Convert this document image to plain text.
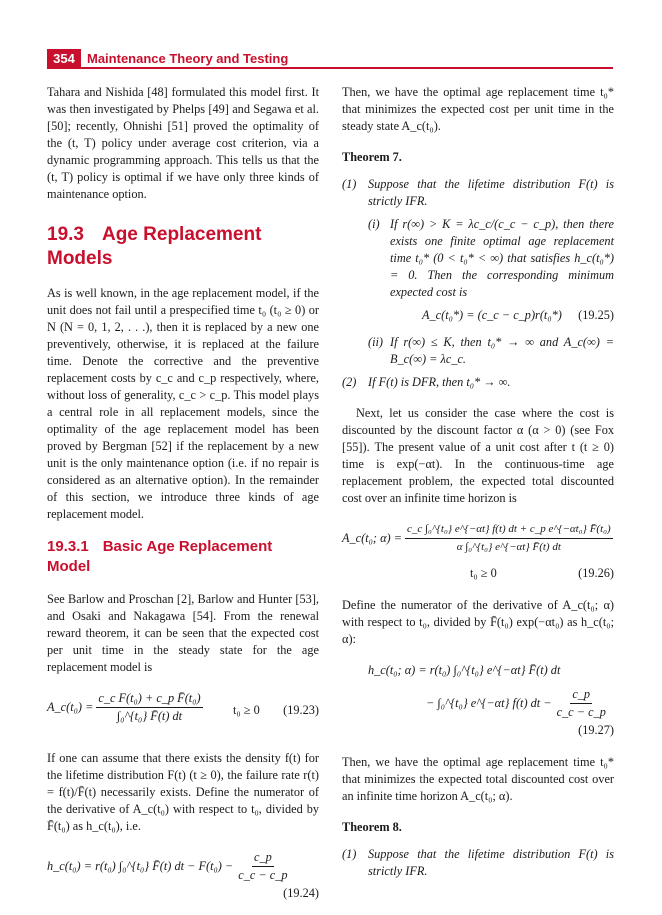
354 Maintenance Theory and Testing

Tahara and Nishida [48] formulated this model first. It was then investigated by Phelps [49] and Segawa et al. [50]; recently, Ohnishi [51] proved the optimality of the (t, T) policy under average cost criterion, via a dynamic programming approach. This tells us that the (t, T) policy is optimal if we have only three kinds of maintenance option.

19.3 Age Replacement Models

As is well known, in the age replacement model, if the unit does not fail until a prespecified time t₀ (t₀ ≥ 0) or N (N = 0, 1, 2, . . .), then it is replaced by a new one preventively, otherwise, it is replaced at the failure time. Denote the corrective and the preventive replacement costs by c_c and c_p respectively, where, without loss of generality, c_c > c_p. This model plays a central role in all replacement models, since the optimality of the age replacement model has been proved by Bergman [52] if the replacement by a new unit is the only maintenance option (i.e. if no repair is considered as an alternative option). In the remainder of this section, we introduce three kinds of age replacement model.

19.3.1 Basic Age Replacement Model

See Barlow and Proschan [2], Barlow and Hunter [53], and Osaki and Nakagawa [54]. From the renewal reward theorem, it can be seen that the expected cost per unit time in the steady state for the age replacement model is

A_c(t₀) = $\frac{\text{c\_c F(t₀) + c\_p F̄(t₀)}}{\text{∫₀\textasciicircum{}\{t₀\} F̄(t) dt}} t_0 \ge 0$ (19.23)

If one can assume that there exists the density f(t) for the lifetime distribution F(t) (t ≥ 0), the failure rate r(t) = f(t)/F̄(t) necessarily exists. Define the numerator of the derivative of A_c(t₀) with respect to t₀, divided by F̄(t₀) as h_c(t₀), i.e.

h_c(t₀) = r(t₀) ∫₀^{t₀} F̄(t) dt − $F(t_0) - \frac{c\_p}{c\_c - c\_p}$
(19.24)

Then, we have the optimal age replacement time t₀* that minimizes the expected cost per unit time in the steady state A_c(t₀).

Theorem 7.
(1) Suppose that the lifetime distribution F(t) is strictly IFR.
(i) If r(∞) > K = λc_c/(c_c − c_p), then there exists one finite optimal age replacement time t₀* (0 < t₀* < ∞) that satisfies h_c(t₀*) = 0. Then the corresponding minimum expected cost is
A_c(t₀*) = (c_c − c_p)r(t₀*) (19.25)
(ii) If r(∞) ≤ K, then t₀* → ∞ and A_c(∞) = B_c(∞) = λc_c.
(2) If F(t) is DFR, then t₀* → ∞.

Next, let us consider the case where the cost is discounted by the discount factor α (α > 0) (see Fox [55]). The present value of a unit cost after t (t ≥ 0) time is exp(−αt). In the continuous-time age replacement problem, the expected total discounted cost over an infinite time horizon is

A_c(t₀; $\alpha) = \frac{\text{c\_c ∫₀\textasciicircum{}\{t₀\} e\textasciicircum{}\{−αt\} f(t) dt + c\_p e\textasciicircum{}\{−αt₀\} F̄(t₀)}}{\text{α ∫₀\textasciicircum{}\{t₀\} e\textasciicircum{}\{−αt\} F̄(t) dt}}$
t₀ ≥ 0	(19.26)

Define the numerator of the derivative of A_c(t₀; α) with respect to t₀, divided by F̄(t₀) exp(−αt₀) as h_c(t₀; α):

h_c(t₀; α) = r(t₀) ∫₀^{t₀} e^{−αt} F̄(t) dt
− ∫₀^{t₀} e^{−αt} f(t) dt − $\frac{c\_p}{c\_c - c\_p}$
(19.27)

Then, we have the optimal age replacement time t₀* that minimizes the expected total discounted cost over an infinite time horizon A_c(t₀; α).

Theorem 8.
(1) Suppose that the lifetime distribution F(t) is strictly IFR.
